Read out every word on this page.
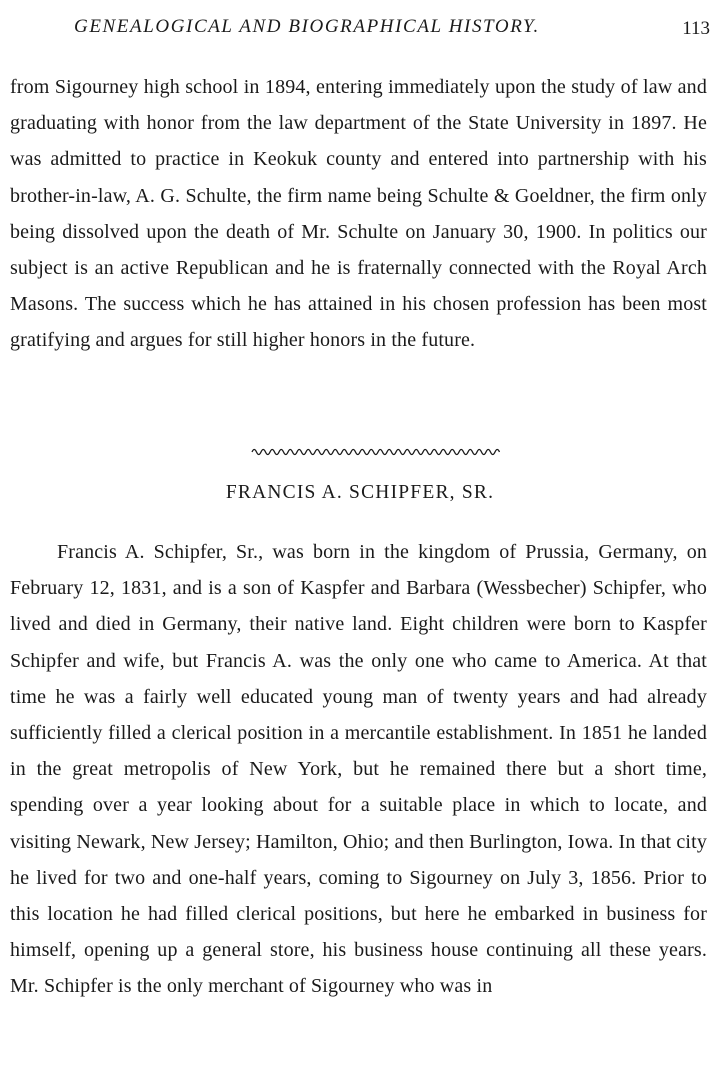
GENEALOGICAL AND BIOGRAPHICAL HISTORY.	113

from Sigourney high school in 1894, entering immediately upon the study of law and graduating with honor from the law department of the State University in 1897. He was admitted to practice in Keokuk county and entered into partnership with his brother-in-law, A. G. Schulte, the firm name being Schulte & Goeldner, the firm only being dissolved upon the death of Mr. Schulte on January 30, 1900. In politics our subject is an active Republican and he is fraternally connected with the Royal Arch Masons. The success which he has attained in his chosen profession has been most gratifying and argues for still higher honors in the future.

FRANCIS A. SCHIPFER, SR.

Francis A. Schipfer, Sr., was born in the kingdom of Prussia, Germany, on February 12, 1831, and is a son of Kaspfer and Barbara (Wessbecher) Schipfer, who lived and died in Germany, their native land. Eight children were born to Kaspfer Schipfer and wife, but Francis A. was the only one who came to America. At that time he was a fairly well educated young man of twenty years and had already sufficiently filled a clerical position in a mercantile establishment. In 1851 he landed in the great metropolis of New York, but he remained there but a short time, spending over a year looking about for a suitable place in which to locate, and visiting Newark, New Jersey; Hamilton, Ohio; and then Burlington, Iowa. In that city he lived for two and one-half years, coming to Sigourney on July 3, 1856. Prior to this location he had filled clerical positions, but here he embarked in business for himself, opening up a general store, his business house continuing all these years. Mr. Schipfer is the only merchant of Sigourney who was in
